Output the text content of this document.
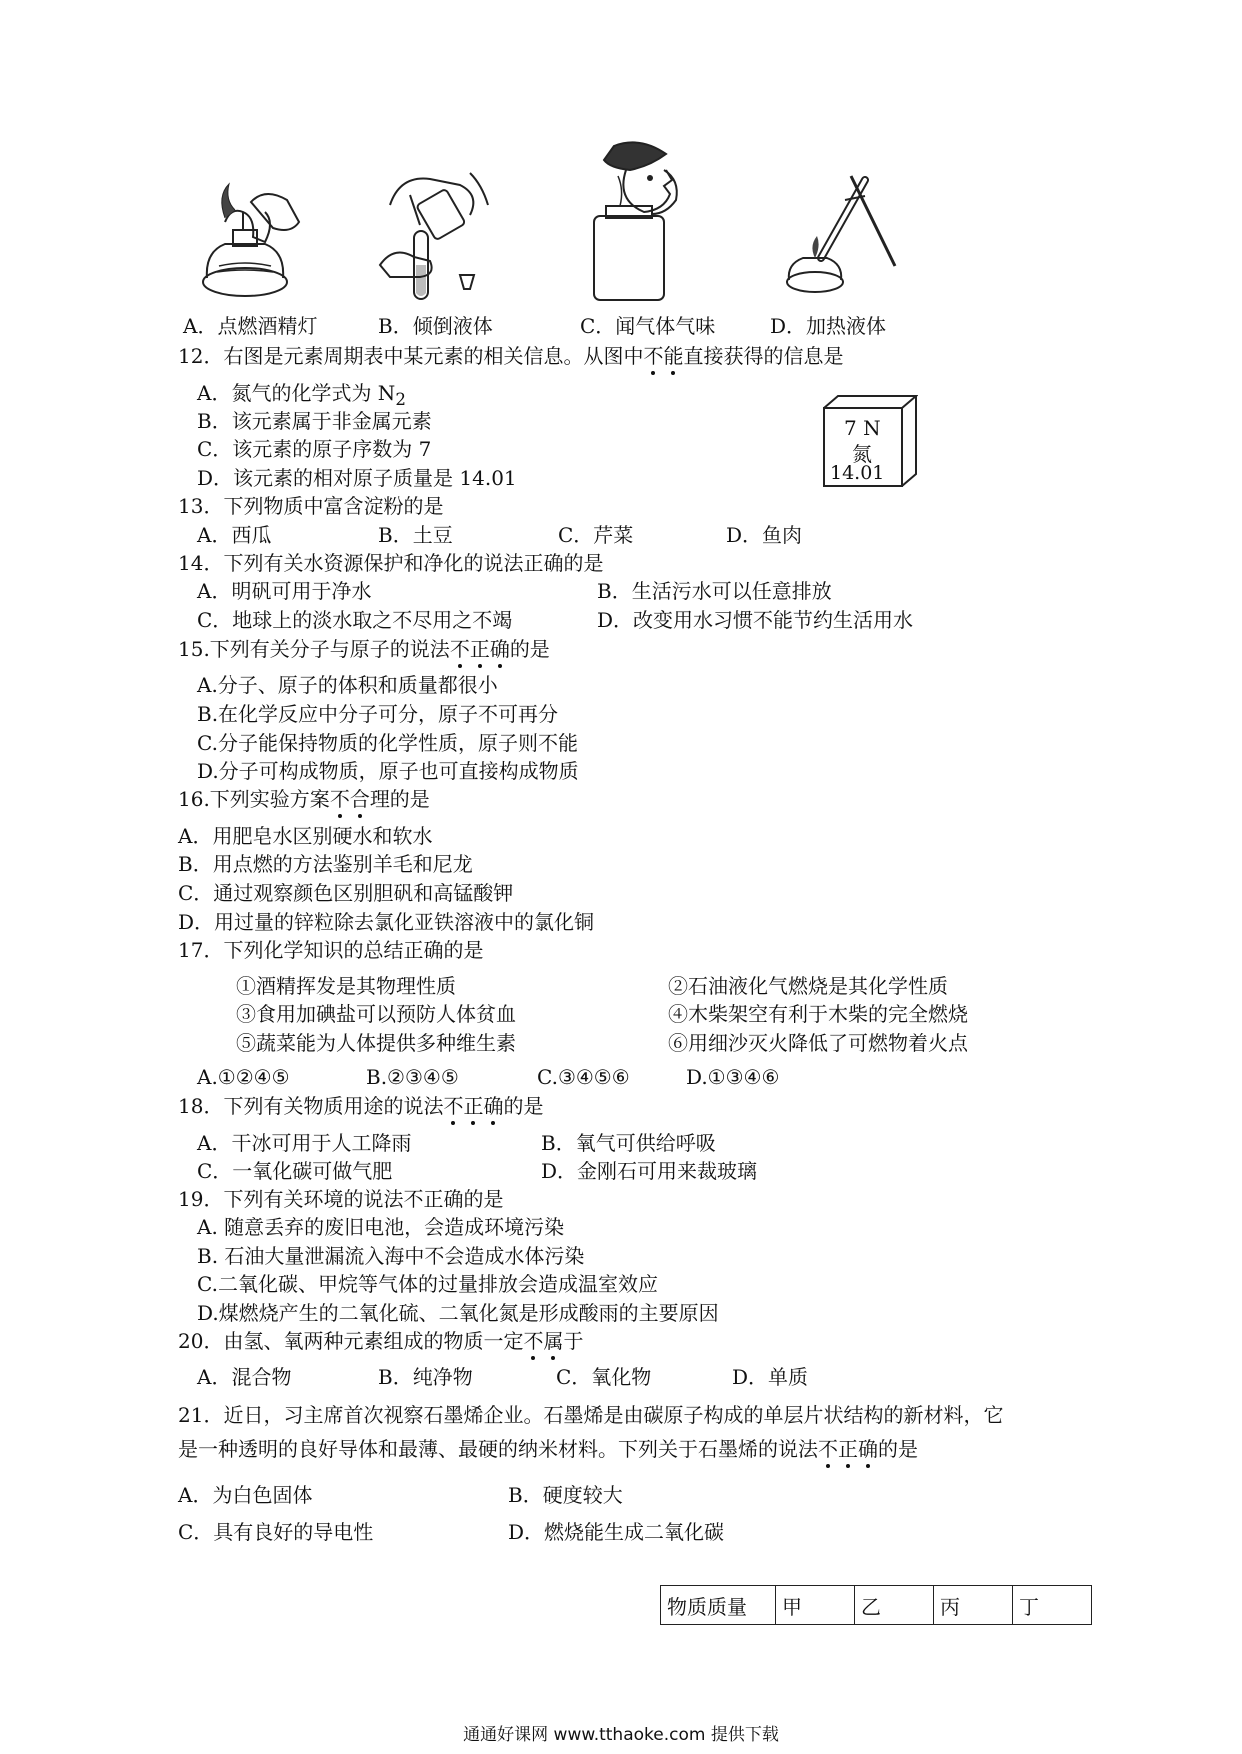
A．点燃酒精灯	B．倾倒液体	C．闻气体气味	D．加热液体
12．右图是元素周期表中某元素的相关信息。从图中不能直接获得的信息是
A．氮气的化学式为 $N_2$
B．该元素属于非金属元素
C．该元素的原子序数为 7
D．该元素的相对原子质量是 14.01
7 N
氮
14.01
13．下列物质中富含淀粉的是
A．西瓜	B．土豆	C．芹菜	D．鱼肉
14．下列有关水资源保护和净化的说法正确的是
A．明矾可用于净水	B．生活污水可以任意排放
C．地球上的淡水取之不尽用之不竭	D．改变用水习惯不能节约生活用水
15.下列有关分子与原子的说法不正确的是
A.分子、原子的体积和质量都很小
B.在化学反应中分子可分，原子不可再分
C.分子能保持物质的化学性质，原子则不能
D.分子可构成物质，原子也可直接构成物质
16.下列实验方案不合理的是
A．用肥皂水区别硬水和软水
B．用点燃的方法鉴别羊毛和尼龙
C．通过观察颜色区别胆矾和高锰酸钾
D．用过量的锌粒除去氯化亚铁溶液中的氯化铜
17．下列化学知识的总结正确的是
①酒精挥发是其物理性质	②石油液化气燃烧是其化学性质
③食用加碘盐可以预防人体贫血	④木柴架空有利于木柴的完全燃烧
⑤蔬菜能为人体提供多种维生素	⑥用细沙灭火降低了可燃物着火点
A.①②④⑤	B.②③④⑤	C.③④⑤⑥	D.①③④⑥
18．下列有关物质用途的说法不正确的是
A．干冰可用于人工降雨	B．氧气可供给呼吸
C．一氧化碳可做气肥	D．金刚石可用来裁玻璃
19．下列有关环境的说法不正确的是
A. 随意丢弃的废旧电池，会造成环境污染
B. 石油大量泄漏流入海中不会造成水体污染
C.二氧化碳、甲烷等气体的过量排放会造成温室效应
D.煤燃烧产生的二氧化硫、二氧化氮是形成酸雨的主要原因
20．由氢、氧两种元素组成的物质一定不属于
A．混合物	B．纯净物	C．氧化物	D．单质
21．近日，习主席首次视察石墨烯企业。石墨烯是由碳原子构成的单层片状结构的新材料，它
是一种透明的良好导体和最薄、最硬的纳米材料。下列关于石墨烯的说法不正确的是
A．为白色固体	B．硬度较大
C．具有良好的导电性	D．燃烧能生成二氧化碳
物质质量	甲	乙	丙	丁
通通好课网 www.tthaoke.com 提供下载
